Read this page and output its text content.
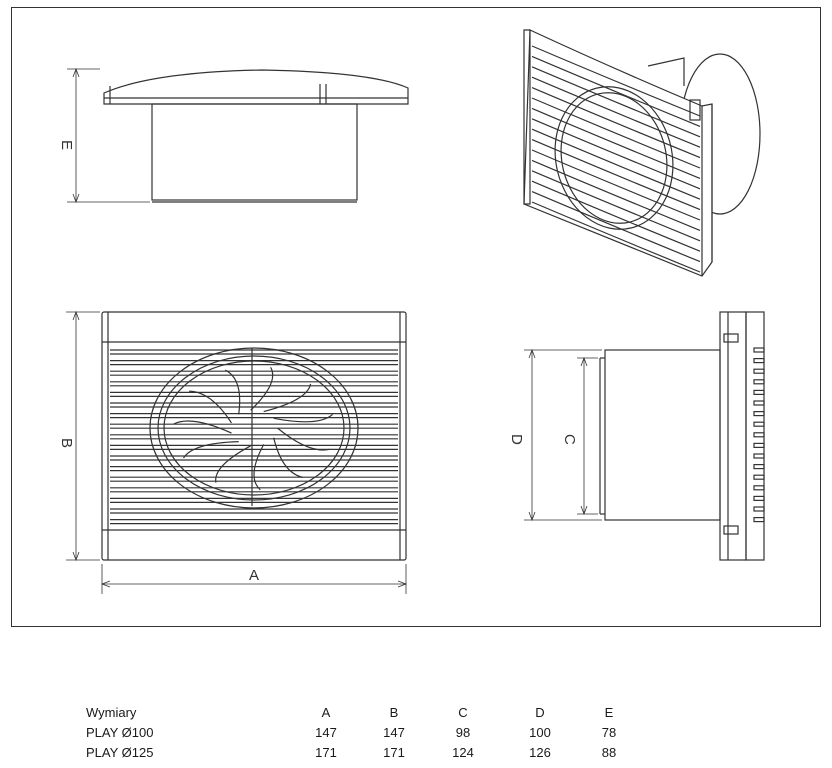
E
B
A
D C
Wymiary	A	B	C	D	E
PLAY Ø100	147	147	98	100	78
PLAY Ø125	171	171	124	126	88
